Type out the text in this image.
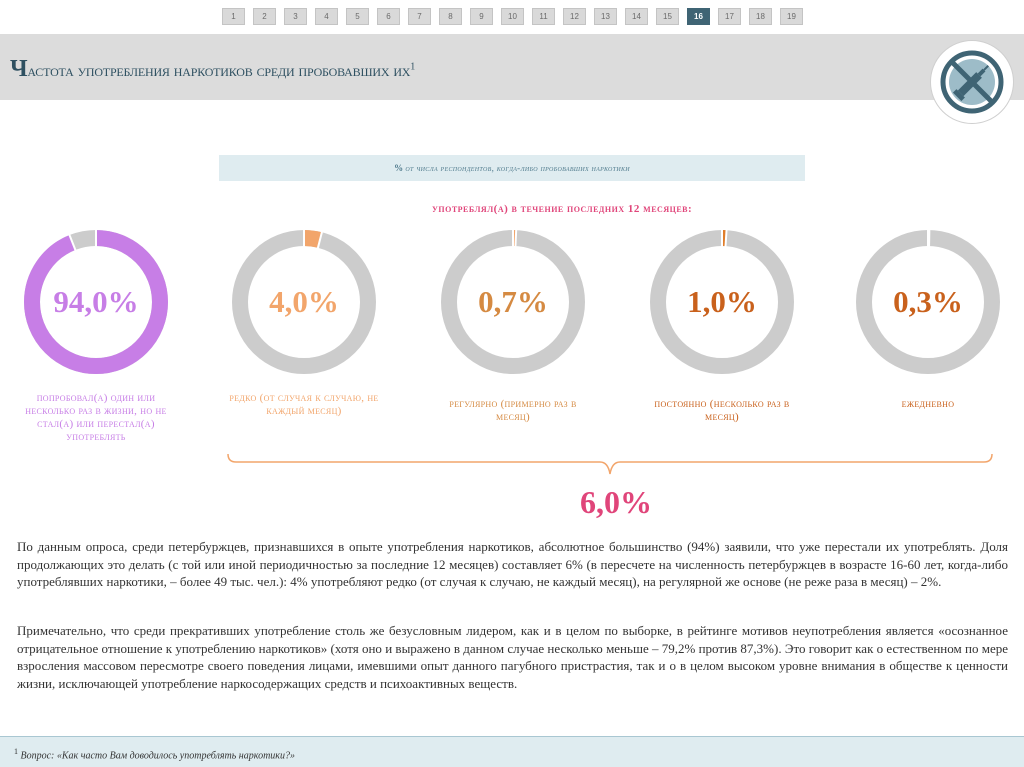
1	2	3	4	5	6	7	8	9	10	11	12	13	14	15	16	17	18	19
Частота употребления наркотиков среди пробовавших $их^1$
% от числа респондентов, когда-либо пробовавших наркотики
употреблял(а) в течение последних 12 месяцев:
94,0%	4,0%	0,7%	1,0%	0,3%
попробовал(а) один или несколько раз в жизни, но не стал(а) или перестал(а) употреблять
редко (от случая к случаю, не каждый месяц)
регулярно (примерно раз в месяц)
постоянно (несколько раз в месяц)
ежедневно
6,0%
По данным опроса, среди петербуржцев, признавшихся в опыте употребления наркотиков, абсолютное большинство (94%) заявили, что уже перестали их употреблять. Доля продолжающих это делать (с той или иной периодичностью за последние 12 месяцев) составляет 6% (в пересчете на численность петербуржцев в возрасте 16-60 лет, когда-либо употреблявших наркотики, – более 49 тыс. чел.): 4% употребляют редко (от случая к случаю, не каждый месяц), на регулярной же основе (не реже раза в месяц) – 2%.
Примечательно, что среди прекративших употребление столь же безусловным лидером, как и в целом по выборке, в рейтинге мотивов неупотребления является «осознанное отрицательное отношение к употреблению наркотиков» (хотя оно и выражено в данном случае несколько меньше – 79,2% против 87,3%). Это говорит как о естественном по мере взросления массовом пересмотре своего поведения лицами, имевшими опыт данного пагубного пристрастия, так и о в целом высоком уровне внимания в обществе к ценности жизни, исключающей употребление наркосодержащих средств и психоактивных веществ.
$^1$ Вопрос: «Как часто Вам доводилось употреблять наркотики?»
